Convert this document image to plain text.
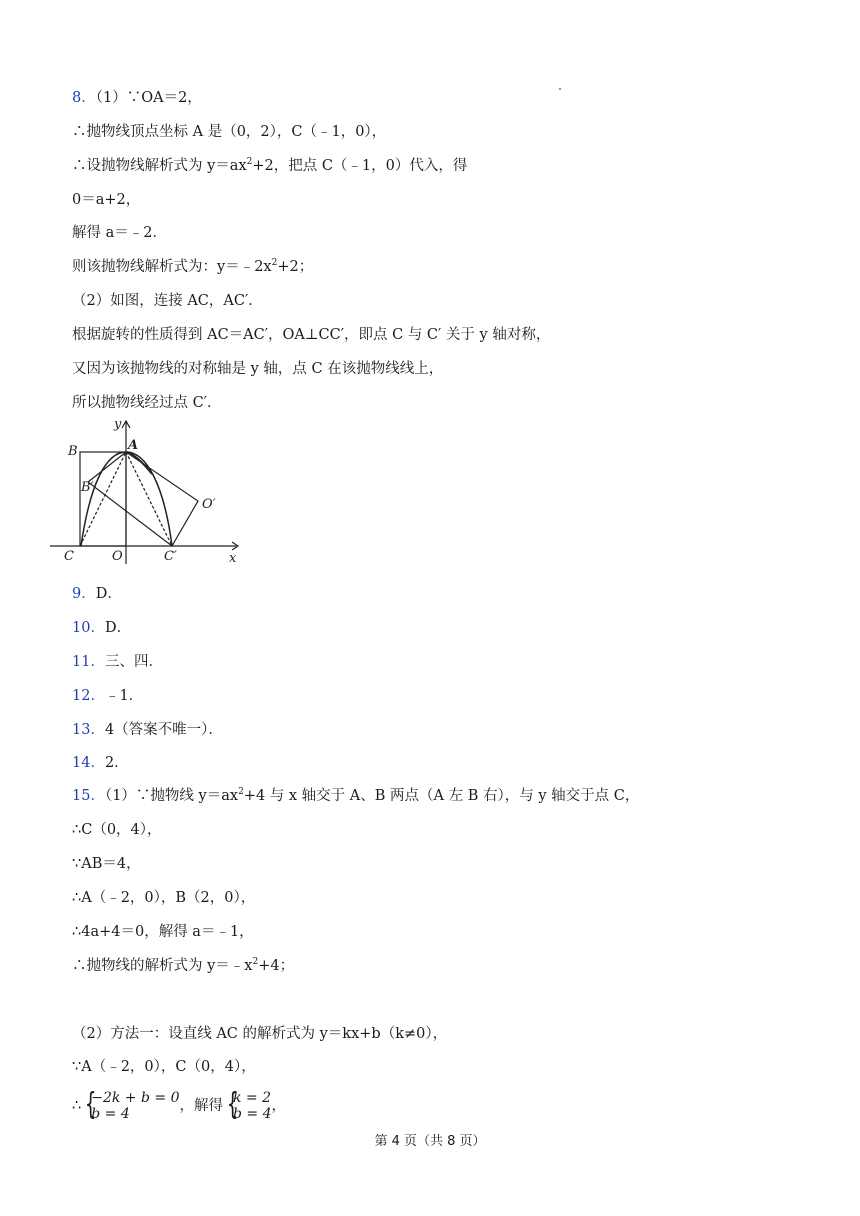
8．（1）∵OA＝2，
∴抛物线顶点坐标 A 是（0，2），C（﹣1，0），
∴设抛物线解析式为 $y=ax^2+2$，把点 C（﹣1，0）代入，得
0＝a+2，
解得 a＝﹣2．
则该抛物线解析式为：$y=﹣2x^2+2$；
（2）如图，连接 AC，AC′．
根据旋转的性质得到 AC＝AC′，OA⊥CC′，即点 C 与 C′ 关于 y 轴对称，
又因为该抛物线的对称轴是 y 轴，点 C 在该抛物线线上，
所以抛物线经过点 C′．
y
x
A
B
B′
O′
C	O	C′
9．D．
10．D．
11．三、四．
12．﹣1．
13．4（答案不唯一）．
14．2．
15．（1）∵抛物线 $y=ax^2+4$ 与 x 轴交于 A、B 两点（A 左 B 右），与 y 轴交于点 C，
∴C（0，4），
∵AB＝4，
∴A（﹣2，0），B（2，0），
∴4a+4＝0，解得 a＝﹣1，
∴抛物线的解析式为 $y=﹣x^2+4$；
（2）方法一：设直线 AC 的解析式为 y＝kx+b（k≠0），
∵A（﹣2，0），C（0，4），
∴ {
−2k + b = 0
b = 4	，解得 {
k = 2
b = 4 ，
第 4 页（共 8 页）
